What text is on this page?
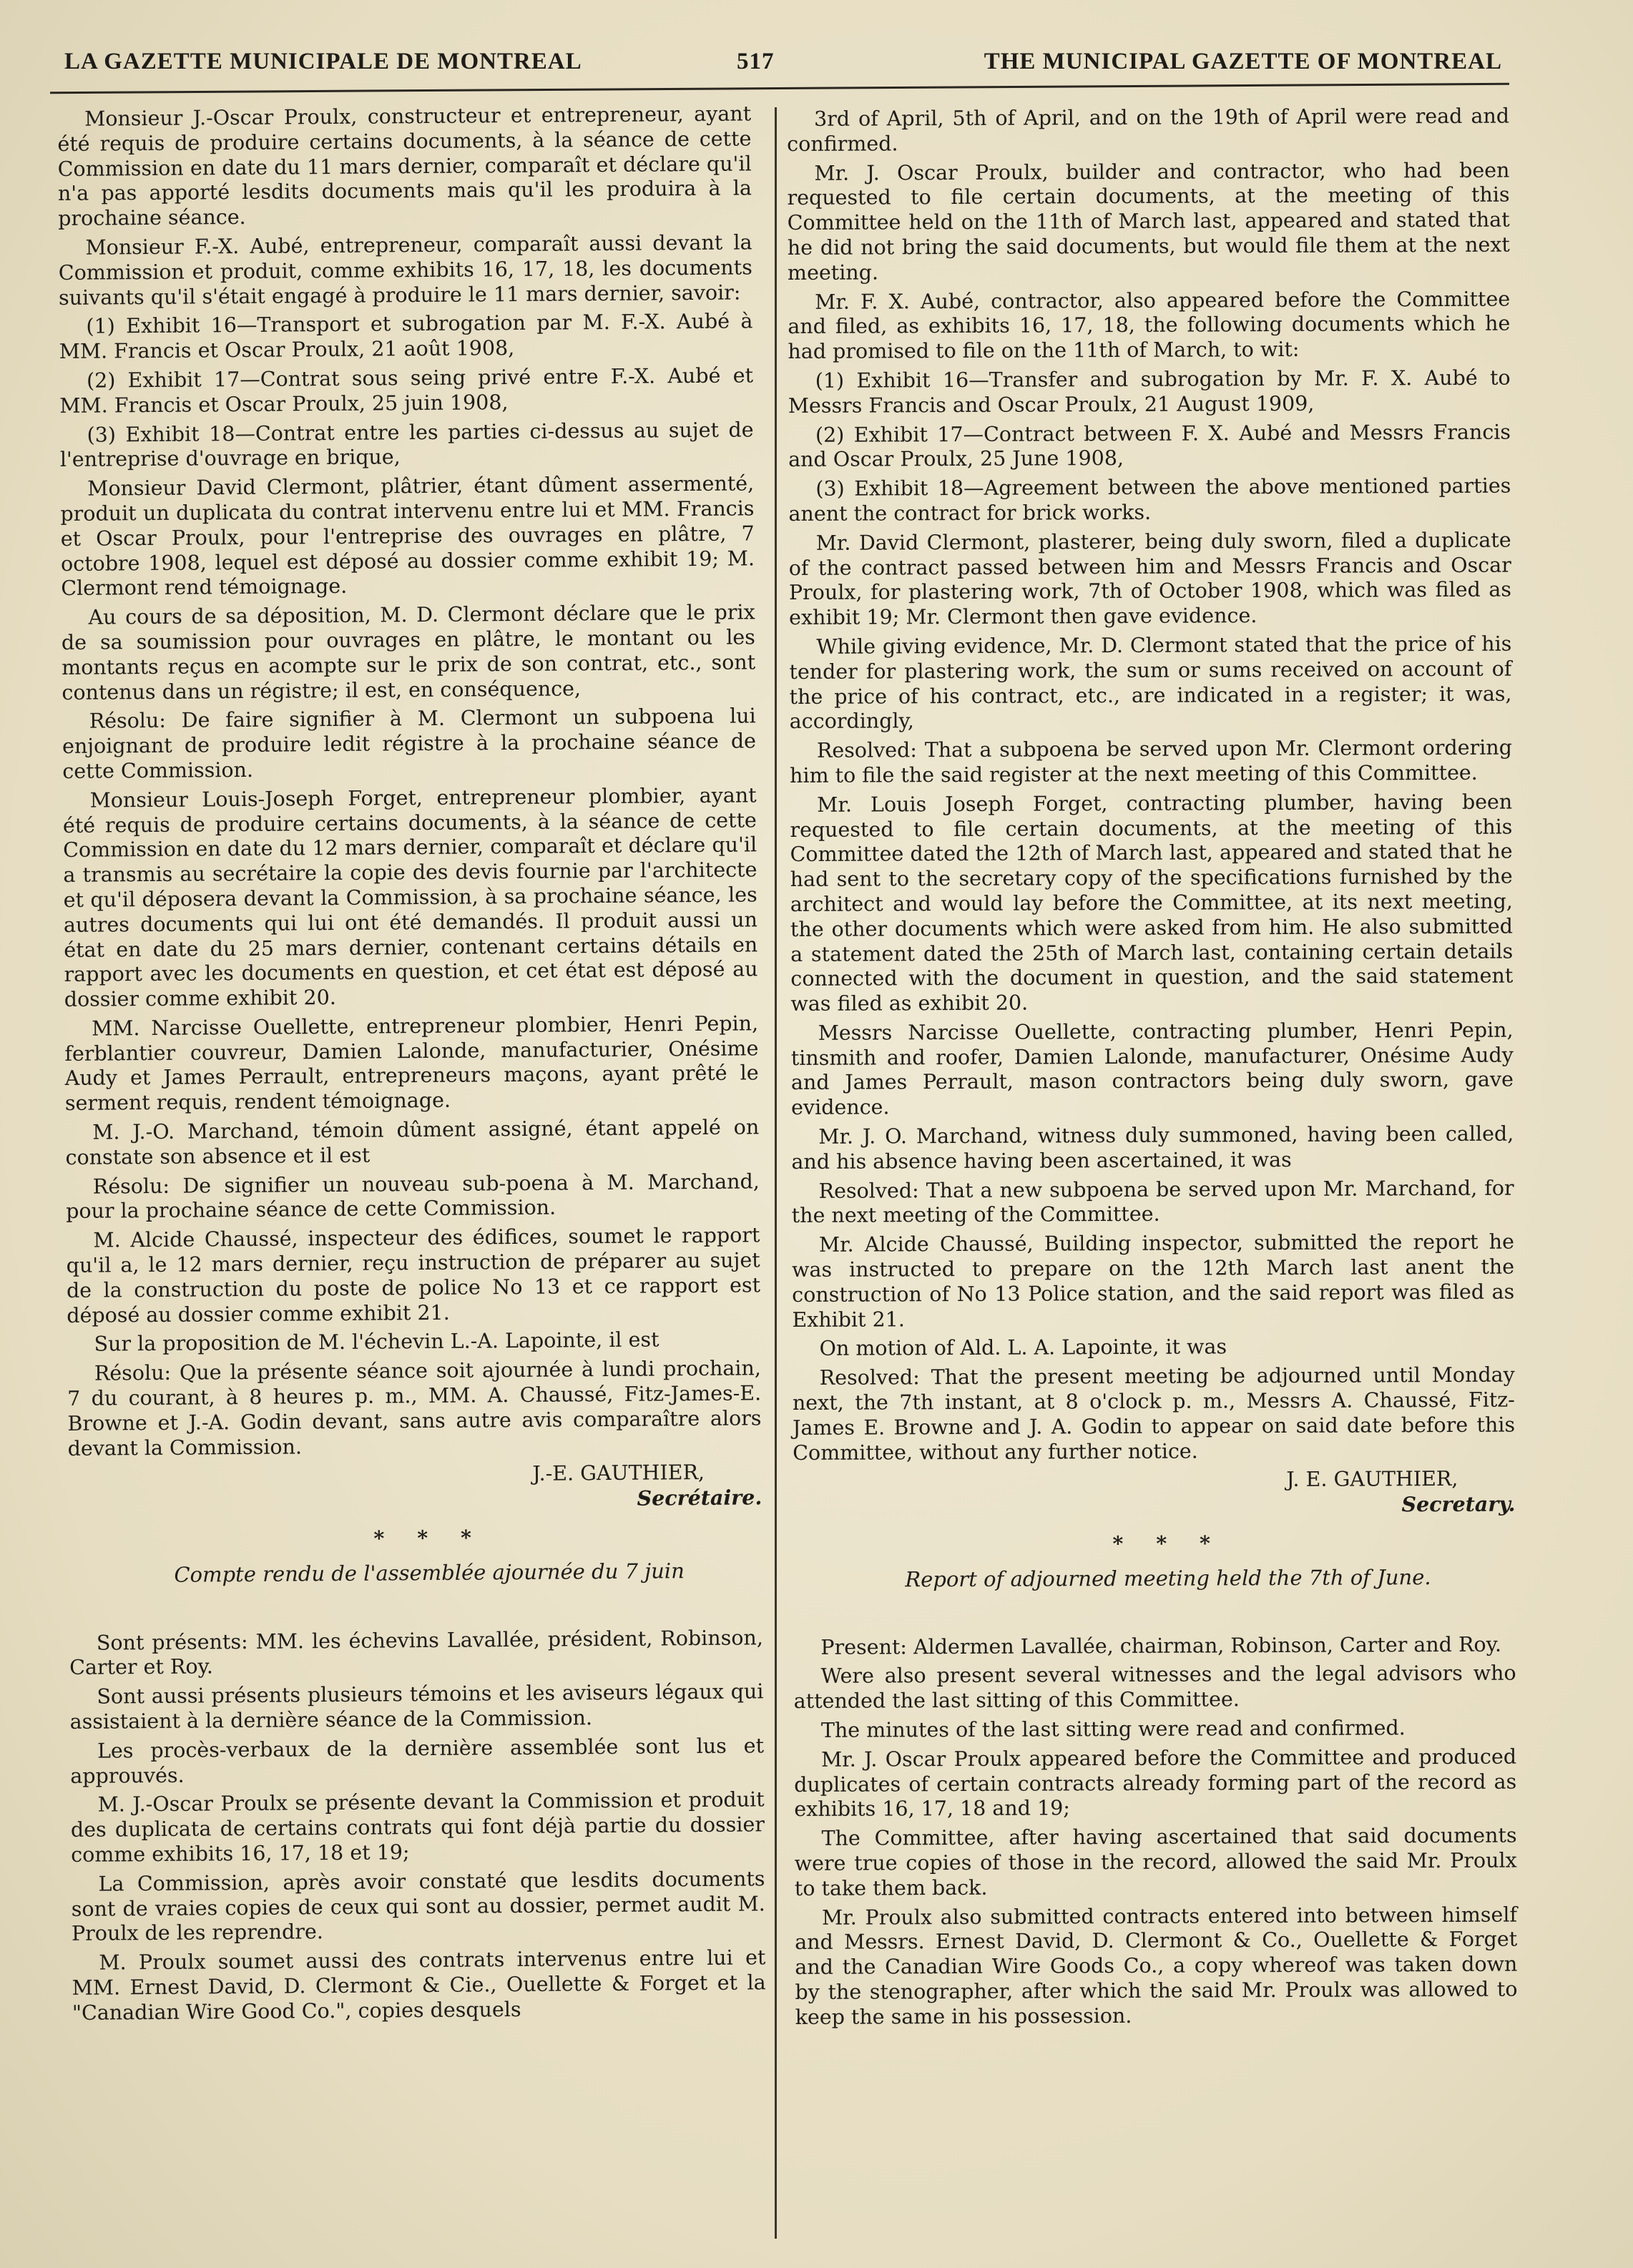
LA GAZETTE MUNICIPALE DE MONTREAL	517	THE MUNICIPAL GAZETTE OF MONTREAL

Monsieur J.-Oscar Proulx, constructeur et entrepreneur, ayant été requis de produire certains documents, à la séance de cette Commission en date du 11 mars dernier, comparaît et déclare qu'il n'a pas apporté lesdits documents mais qu'il les produira à la prochaine séance.

Monsieur F.-X. Aubé, entrepreneur, comparaît aussi devant la Commission et produit, comme exhibits 16, 17, 18, les documents suivants qu'il s'était engagé à produire le 11 mars dernier, savoir:

(1) Exhibit 16—Transport et subrogation par M. F.-X. Aubé à MM. Francis et Oscar Proulx, 21 août 1908,

(2) Exhibit 17—Contrat sous seing privé entre F.-X. Aubé et MM. Francis et Oscar Proulx, 25 juin 1908,

(3) Exhibit 18—Contrat entre les parties ci-dessus au sujet de l'entreprise d'ouvrage en brique,

Monsieur David Clermont, plâtrier, étant dûment assermenté, produit un duplicata du contrat intervenu entre lui et MM. Francis et Oscar Proulx, pour l'entreprise des ouvrages en plâtre, 7 octobre 1908, lequel est déposé au dossier comme exhibit 19; M. Clermont rend témoignage.

Au cours de sa déposition, M. D. Clermont déclare que le prix de sa soumission pour ouvrages en plâtre, le montant ou les montants reçus en acompte sur le prix de son contrat, etc., sont contenus dans un régistre; il est, en conséquence,

Résolu: De faire signifier à M. Clermont un subpoena lui enjoignant de produire ledit régistre à la prochaine séance de cette Commission.

Monsieur Louis-Joseph Forget, entrepreneur plombier, ayant été requis de produire certains documents, à la séance de cette Commission en date du 12 mars dernier, comparaît et déclare qu'il a transmis au secrétaire la copie des devis fournie par l'architecte et qu'il déposera devant la Commission, à sa prochaine séance, les autres documents qui lui ont été demandés. Il produit aussi un état en date du 25 mars dernier, contenant certains détails en rapport avec les documents en question, et cet état est déposé au dossier comme exhibit 20.

MM. Narcisse Ouellette, entrepreneur plombier, Henri Pepin, ferblantier couvreur, Damien Lalonde, manufacturier, Onésime Audy et James Perrault, entrepreneurs maçons, ayant prêté le serment requis, rendent témoignage.

M. J.-O. Marchand, témoin dûment assigné, étant appelé on constate son absence et il est

Résolu: De signifier un nouveau sub-poena à M. Marchand, pour la prochaine séance de cette Commission.

M. Alcide Chaussé, inspecteur des édifices, soumet le rapport qu'il a, le 12 mars dernier, reçu instruction de préparer au sujet de la construction du poste de police No 13 et ce rapport est déposé au dossier comme exhibit 21.

Sur la proposition de M. l'échevin L.-A. Lapointe, il est

Résolu: Que la présente séance soit ajournée à lundi prochain, 7 du courant, à 8 heures p. m., MM. A. Chaussé, Fitz-James-E. Browne et J.-A. Godin devant, sans autre avis comparaître alors devant la Commission.

J.-E. GAUTHIER,

Secrétaire.

* * *

Compte rendu de l'assemblée ajournée du 7 juin

Sont présents: MM. les échevins Lavallée, président, Robinson, Carter et Roy.

Sont aussi présents plusieurs témoins et les aviseurs légaux qui assistaient à la dernière séance de la Commission.

Les procès-verbaux de la dernière assemblée sont lus et approuvés.

M. J.-Oscar Proulx se présente devant la Commission et produit des duplicata de certains contrats qui font déjà partie du dossier comme exhibits 16, 17, 18 et 19;

La Commission, après avoir constaté que lesdits documents sont de vraies copies de ceux qui sont au dossier, permet audit M. Proulx de les reprendre.

M. Proulx soumet aussi des contrats intervenus entre lui et MM. Ernest David, D. Clermont & Cie., Ouellette & Forget et la "Canadian Wire Good Co.", copies desquels

3rd of April, 5th of April, and on the 19th of April were read and confirmed.

Mr. J. Oscar Proulx, builder and contractor, who had been requested to file certain documents, at the meeting of this Committee held on the 11th of March last, appeared and stated that he did not bring the said documents, but would file them at the next meeting.

Mr. F. X. Aubé, contractor, also appeared before the Committee and filed, as exhibits 16, 17, 18, the following documents which he had promised to file on the 11th of March, to wit:

(1) Exhibit 16—Transfer and subrogation by Mr. F. X. Aubé to Messrs Francis and Oscar Proulx, 21 August 1909,

(2) Exhibit 17—Contract between F. X. Aubé and Messrs Francis and Oscar Proulx, 25 June 1908,

(3) Exhibit 18—Agreement between the above mentioned parties anent the contract for brick works.

Mr. David Clermont, plasterer, being duly sworn, filed a duplicate of the contract passed between him and Messrs Francis and Oscar Proulx, for plastering work, 7th of October 1908, which was filed as exhibit 19; Mr. Clermont then gave evidence.

While giving evidence, Mr. D. Clermont stated that the price of his tender for plastering work, the sum or sums received on account of the price of his contract, etc., are indicated in a register; it was, accordingly,

Resolved: That a subpoena be served upon Mr. Clermont ordering him to file the said register at the next meeting of this Committee.

Mr. Louis Joseph Forget, contracting plumber, having been requested to file certain documents, at the meeting of this Committee dated the 12th of March last, appeared and stated that he had sent to the secretary copy of the specifications furnished by the architect and would lay before the Committee, at its next meeting, the other documents which were asked from him. He also submitted a statement dated the 25th of March last, containing certain details connected with the document in question, and the said statement was filed as exhibit 20.

Messrs Narcisse Ouellette, contracting plumber, Henri Pepin, tinsmith and roofer, Damien Lalonde, manufacturer, Onésime Audy and James Perrault, mason contractors being duly sworn, gave evidence.

Mr. J. O. Marchand, witness duly summoned, having been called, and his absence having been ascertained, it was

Resolved: That a new subpoena be served upon Mr. Marchand, for the next meeting of the Committee.

Mr. Alcide Chaussé, Building inspector, submitted the report he was instructed to prepare on the 12th March last anent the construction of No 13 Police station, and the said report was filed as Exhibit 21.

On motion of Ald. L. A. Lapointe, it was

Resolved: That the present meeting be adjourned until Monday next, the 7th instant, at 8 o'clock p. m., Messrs A. Chaussé, Fitz-James E. Browne and J. A. Godin to appear on said date before this Committee, without any further notice.

J. E. GAUTHIER,

Secretary.

* * *

Report of adjourned meeting held the 7th of June.

Present: Aldermen Lavallée, chairman, Robinson, Carter and Roy.

Were also present several witnesses and the legal advisors who attended the last sitting of this Committee.

The minutes of the last sitting were read and confirmed.

Mr. J. Oscar Proulx appeared before the Committee and produced duplicates of certain contracts already forming part of the record as exhibits 16, 17, 18 and 19;

The Committee, after having ascertained that said documents were true copies of those in the record, allowed the said Mr. Proulx to take them back.

Mr. Proulx also submitted contracts entered into between himself and Messrs. Ernest David, D. Clermont & Co., Ouellette & Forget and the Canadian Wire Goods Co., a copy whereof was taken down by the stenographer, after which the said Mr. Proulx was allowed to keep the same in his possession.
